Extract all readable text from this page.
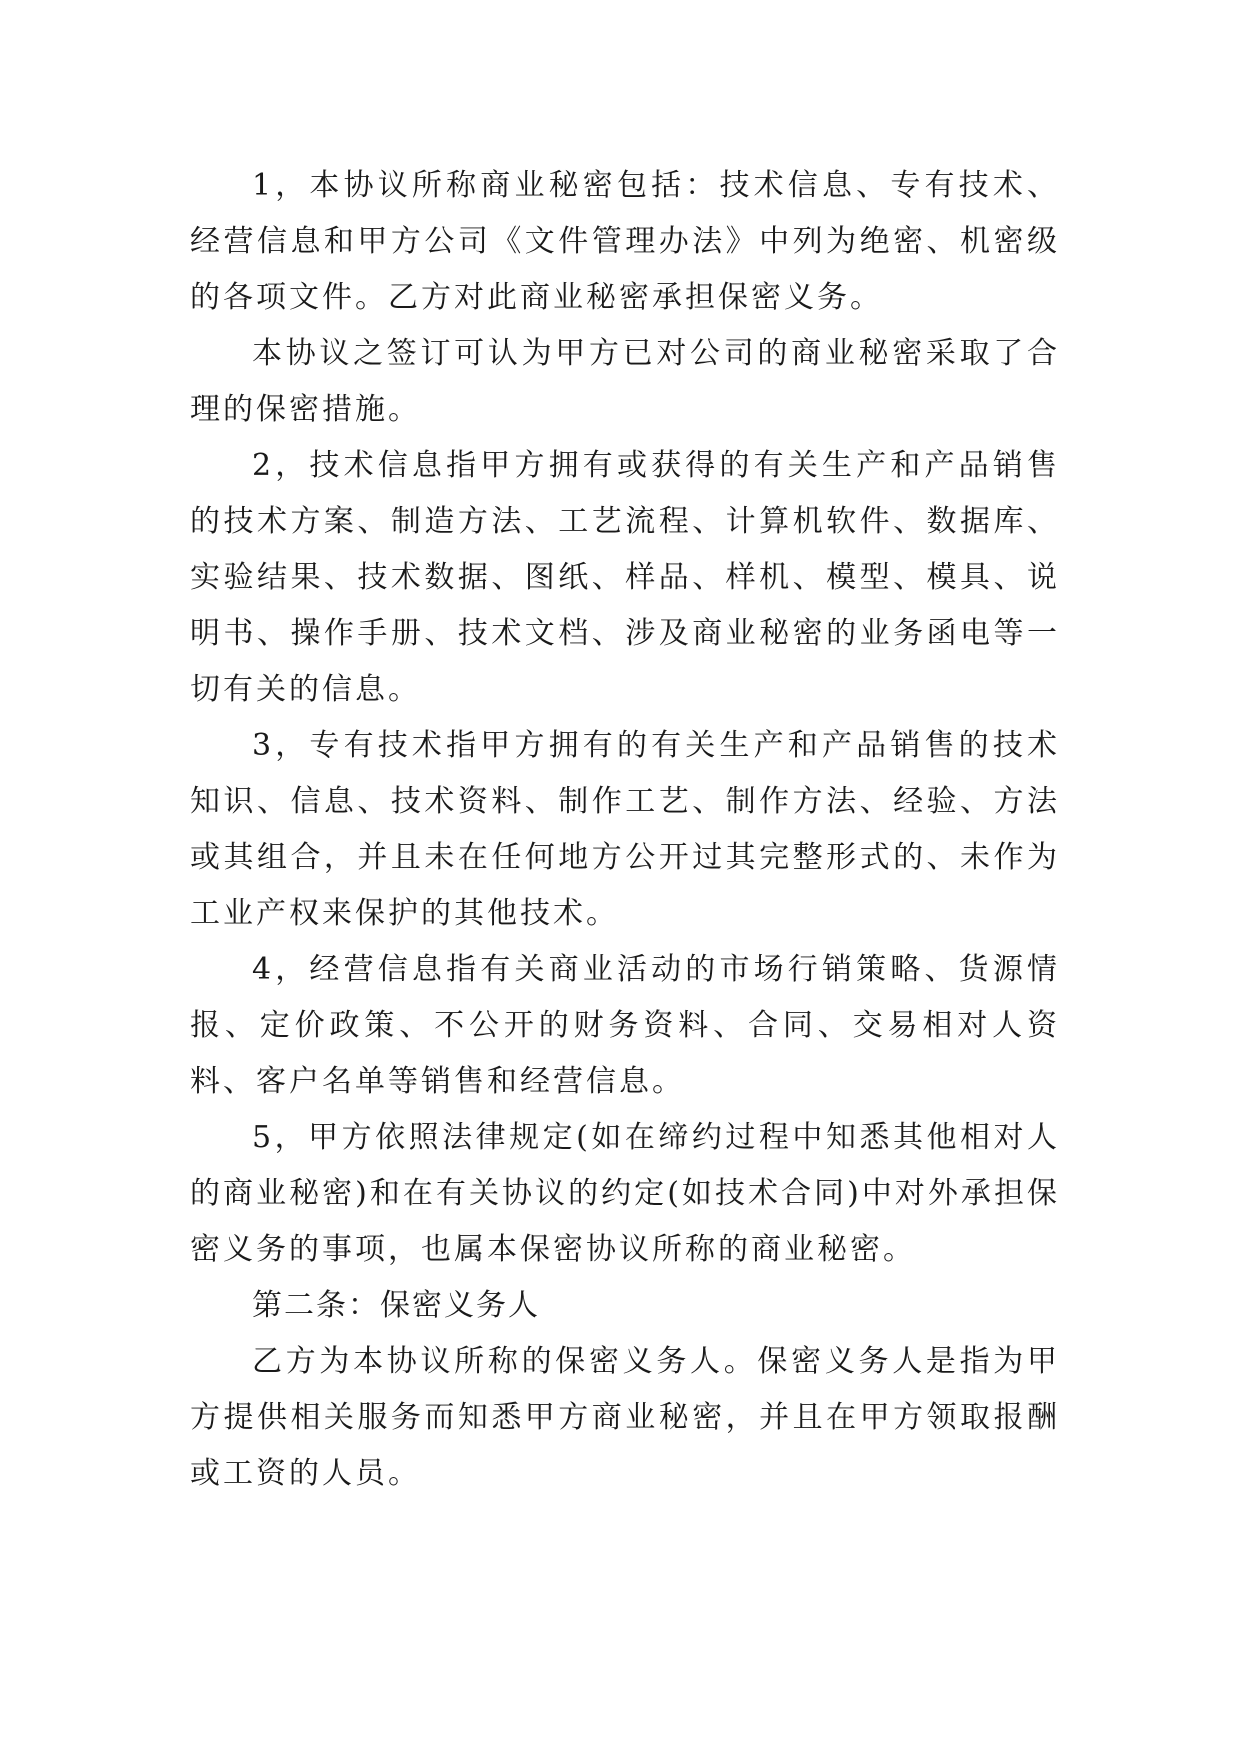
1，本协议所称商业秘密包括：技术信息、专有技术、经营信息和甲方公司《文件管理办法》中列为绝密、机密级的各项文件。乙方对此商业秘密承担保密义务。

本协议之签订可认为甲方已对公司的商业秘密采取了合理的保密措施。

2，技术信息指甲方拥有或获得的有关生产和产品销售的技术方案、制造方法、工艺流程、计算机软件、数据库、实验结果、技术数据、图纸、样品、样机、模型、模具、说明书、操作手册、技术文档、涉及商业秘密的业务函电等一切有关的信息。

3，专有技术指甲方拥有的有关生产和产品销售的技术知识、信息、技术资料、制作工艺、制作方法、经验、方法或其组合，并且未在任何地方公开过其完整形式的、未作为工业产权来保护的其他技术。

4，经营信息指有关商业活动的市场行销策略、货源情报、定价政策、不公开的财务资料、合同、交易相对人资料、客户名单等销售和经营信息。

5，甲方依照法律规定(如在缔约过程中知悉其他相对人的商业秘密)和在有关协议的约定(如技术合同)中对外承担保密义务的事项，也属本保密协议所称的商业秘密。

第二条：保密义务人

乙方为本协议所称的保密义务人。保密义务人是指为甲方提供相关服务而知悉甲方商业秘密，并且在甲方领取报酬或工资的人员。
